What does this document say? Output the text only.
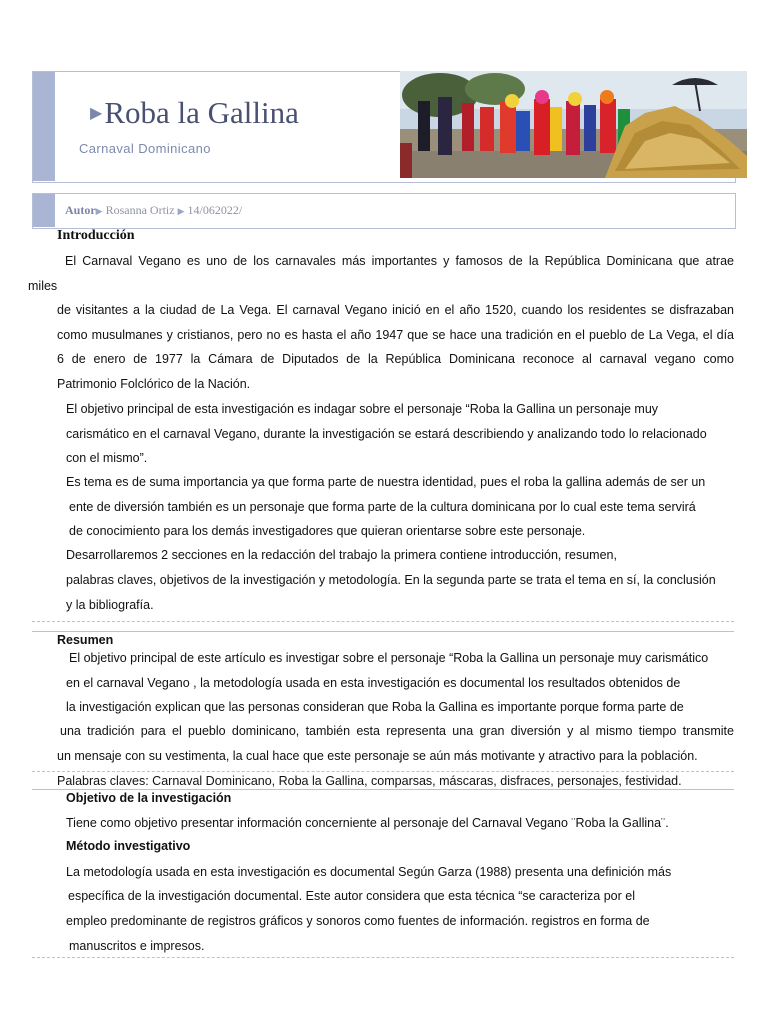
▶Roba la Gallina
Carnaval Dominicano
Autor▶ Rosanna Ortiz ▶ 14/062022/
Introducción
El Carnaval Vegano es uno de los carnavales más importantes y famosos de la República Dominicana que atrae
miles
de visitantes a la ciudad de La Vega. El carnaval Vegano inició en el año 1520, cuando los residentes se disfrazaban
como musulmanes y cristianos, pero no es hasta el año 1947 que se hace una tradición en el pueblo de La Vega, el día
6 de enero de 1977 la Cámara de Diputados de la República Dominicana reconoce al carnaval vegano como
Patrimonio Folclórico de la Nación.
El objetivo principal de esta investigación es indagar sobre el personaje “Roba la Gallina un personaje muy
carismático en el carnaval Vegano, durante la investigación se estará describiendo y analizando todo lo relacionado
con el mismo”.
Es tema es de suma importancia ya que forma parte de nuestra identidad, pues el roba la gallina además de ser un
ente de diversión también es un personaje que forma parte de la cultura dominicana por lo cual este tema servirá
de conocimiento para los demás investigadores que quieran orientarse sobre este personaje.
Desarrollaremos 2 secciones en la redacción del trabajo la primera contiene introducción, resumen,
palabras claves, objetivos de la investigación y metodología. En la segunda parte se trata el tema en sí, la conclusión
y la bibliografía.
Resumen
El objetivo principal de este artículo es investigar sobre el personaje “Roba la Gallina un personaje muy carismático
en el carnaval Vegano , la metodología usada en esta investigación es documental los resultados obtenidos de
la investigación explican que las personas consideran que Roba la Gallina es importante porque forma parte de
una tradición para el pueblo dominicano, también esta representa una gran diversión y al mismo tiempo transmite
un mensaje con su vestimenta, la cual hace que este personaje se aún más motivante y atractivo para la población.
Palabras claves: Carnaval Dominicano, Roba la Gallina, comparsas, máscaras, disfraces, personajes, festividad.
Objetivo de la investigación
Tiene como objetivo presentar información concerniente al personaje del Carnaval Vegano ¨Roba la Gallina¨.
Método investigativo
La metodología usada en esta investigación es documental Según Garza (1988) presenta una definición más
específica de la investigación documental. Este autor considera que esta técnica “se caracteriza por el
empleo predominante de registros gráficos y sonoros como fuentes de información. registros en forma de
manuscritos e impresos.
